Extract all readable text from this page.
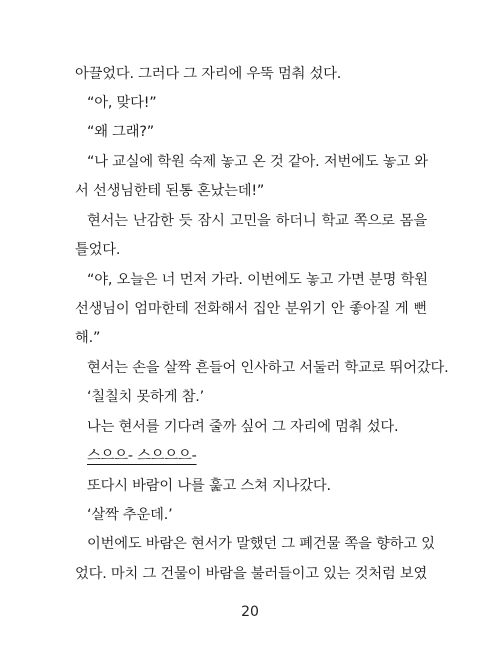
아끌었다. 그러다 그 자리에 우뚝 멈춰 섰다.
“아, 맞다!”
“왜 그래?”
“나 교실에 학원 숙제 놓고 온 것 같아. 저번에도 놓고 와
서 선생님한테 된통 혼났는데!”
현서는 난감한 듯 잠시 고민을 하더니 학교 쪽으로 몸을
틀었다.
“야, 오늘은 너 먼저 가라. 이번에도 놓고 가면 분명 학원
선생님이 엄마한테 전화해서 집안 분위기 안 좋아질 게 뻔
해.”
현서는 손을 살짝 흔들어 인사하고 서둘러 학교로 뛰어갔다.
‘칠칠치 못하게 참.’
나는 현서를 기다려 줄까 싶어 그 자리에 멈춰 섰다.
스으으- 스으으으-
또다시 바람이 나를 훑고 스쳐 지나갔다.
‘살짝 추운데.’
이번에도 바람은 현서가 말했던 그 폐건물 쪽을 향하고 있
었다. 마치 그 건물이 바람을 불러들이고 있는 것처럼 보였
20
